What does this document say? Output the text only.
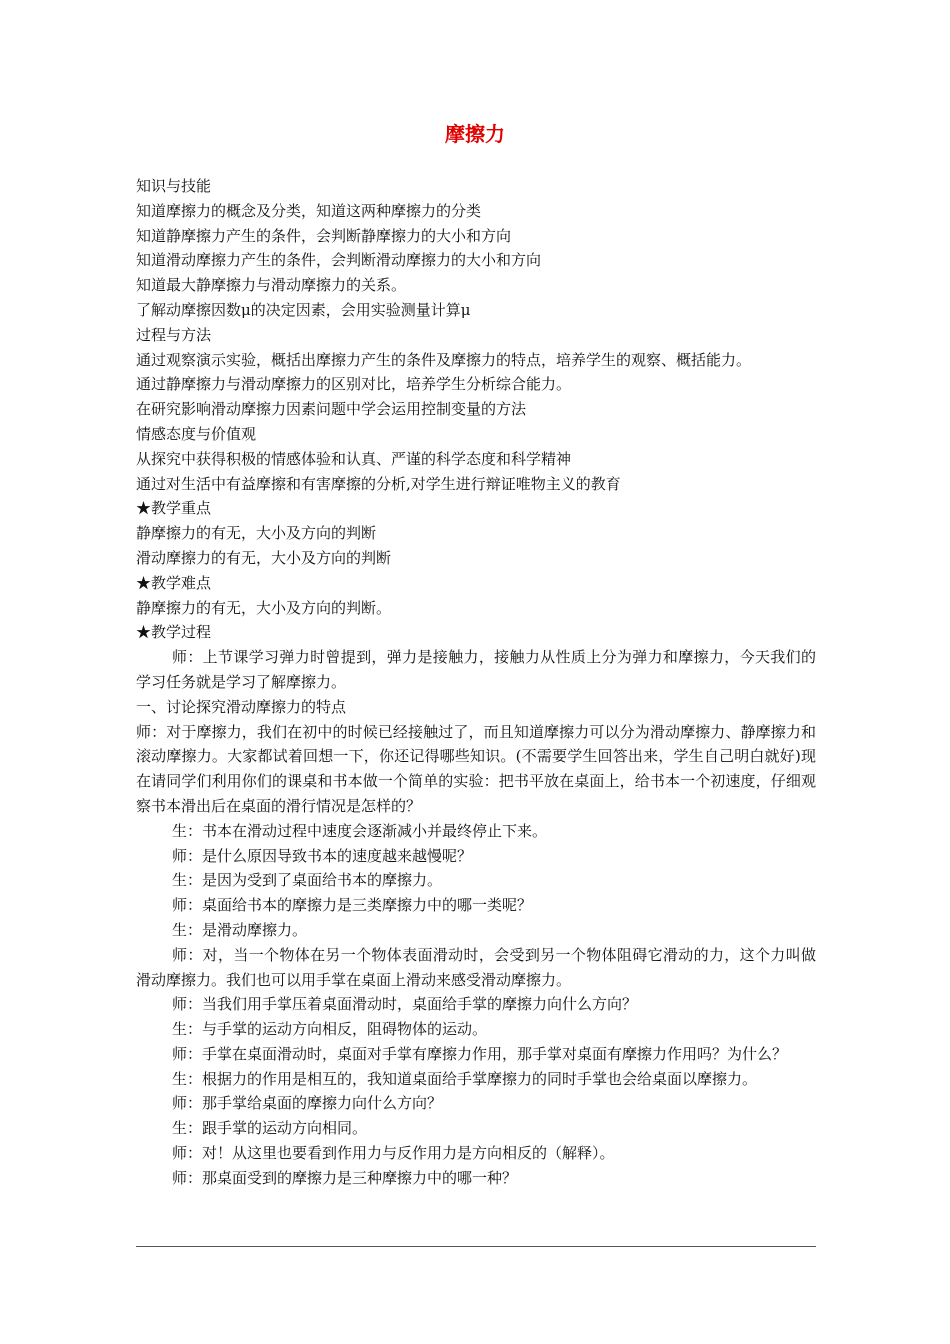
摩擦力
知识与技能
知道摩擦力的概念及分类，知道这两种摩擦力的分类
知道静摩擦力产生的条件，会判断静摩擦力的大小和方向
知道滑动摩擦力产生的条件，会判断滑动摩擦力的大小和方向
知道最大静摩擦力与滑动摩擦力的关系。
了解动摩擦因数μ的决定因素，会用实验测量计算μ
过程与方法
通过观察演示实验，概括出摩擦力产生的条件及摩擦力的特点，培养学生的观察、概括能力。
通过静摩擦力与滑动摩擦力的区别对比，培养学生分析综合能力。
在研究影响滑动摩擦力因素问题中学会运用控制变量的方法
情感态度与价值观
从探究中获得积极的情感体验和认真、严谨的科学态度和科学精神
通过对生活中有益摩擦和有害摩擦的分析,对学生进行辩证唯物主义的教育
★教学重点
静摩擦力的有无，大小及方向的判断
滑动摩擦力的有无，大小及方向的判断
★教学难点
静摩擦力的有无，大小及方向的判断。
★教学过程
师：上节课学习弹力时曾提到，弹力是接触力，接触力从性质上分为弹力和摩擦力，今天我们的学习任务就是学习了解摩擦力。
一、讨论探究滑动摩擦力的特点
师：对于摩擦力，我们在初中的时候已经接触过了，而且知道摩擦力可以分为滑动摩擦力、静摩擦力和滚动摩擦力。大家都试着回想一下，你还记得哪些知识。(不需要学生回答出来，学生自己明白就好)现在请同学们利用你们的课桌和书本做一个简单的实验：把书平放在桌面上，给书本一个初速度，仔细观察书本滑出后在桌面的滑行情况是怎样的？
生：书本在滑动过程中速度会逐渐减小并最终停止下来。
师：是什么原因导致书本的速度越来越慢呢？
生：是因为受到了桌面给书本的摩擦力。
师：桌面给书本的摩擦力是三类摩擦力中的哪一类呢？
生：是滑动摩擦力。
师：对，当一个物体在另一个物体表面滑动时，会受到另一个物体阻碍它滑动的力，这个力叫做滑动摩擦力。我们也可以用手掌在桌面上滑动来感受滑动摩擦力。
师：当我们用手掌压着桌面滑动时，桌面给手掌的摩擦力向什么方向？
生：与手掌的运动方向相反，阻碍物体的运动。
师：手掌在桌面滑动时，桌面对手掌有摩擦力作用，那手掌对桌面有摩擦力作用吗？为什么？
生：根据力的作用是相互的，我知道桌面给手掌摩擦力的同时手掌也会给桌面以摩擦力。
师：那手掌给桌面的摩擦力向什么方向？
生：跟手掌的运动方向相同。
师：对！从这里也要看到作用力与反作用力是方向相反的（解释）。
师：那桌面受到的摩擦力是三种摩擦力中的哪一种？
